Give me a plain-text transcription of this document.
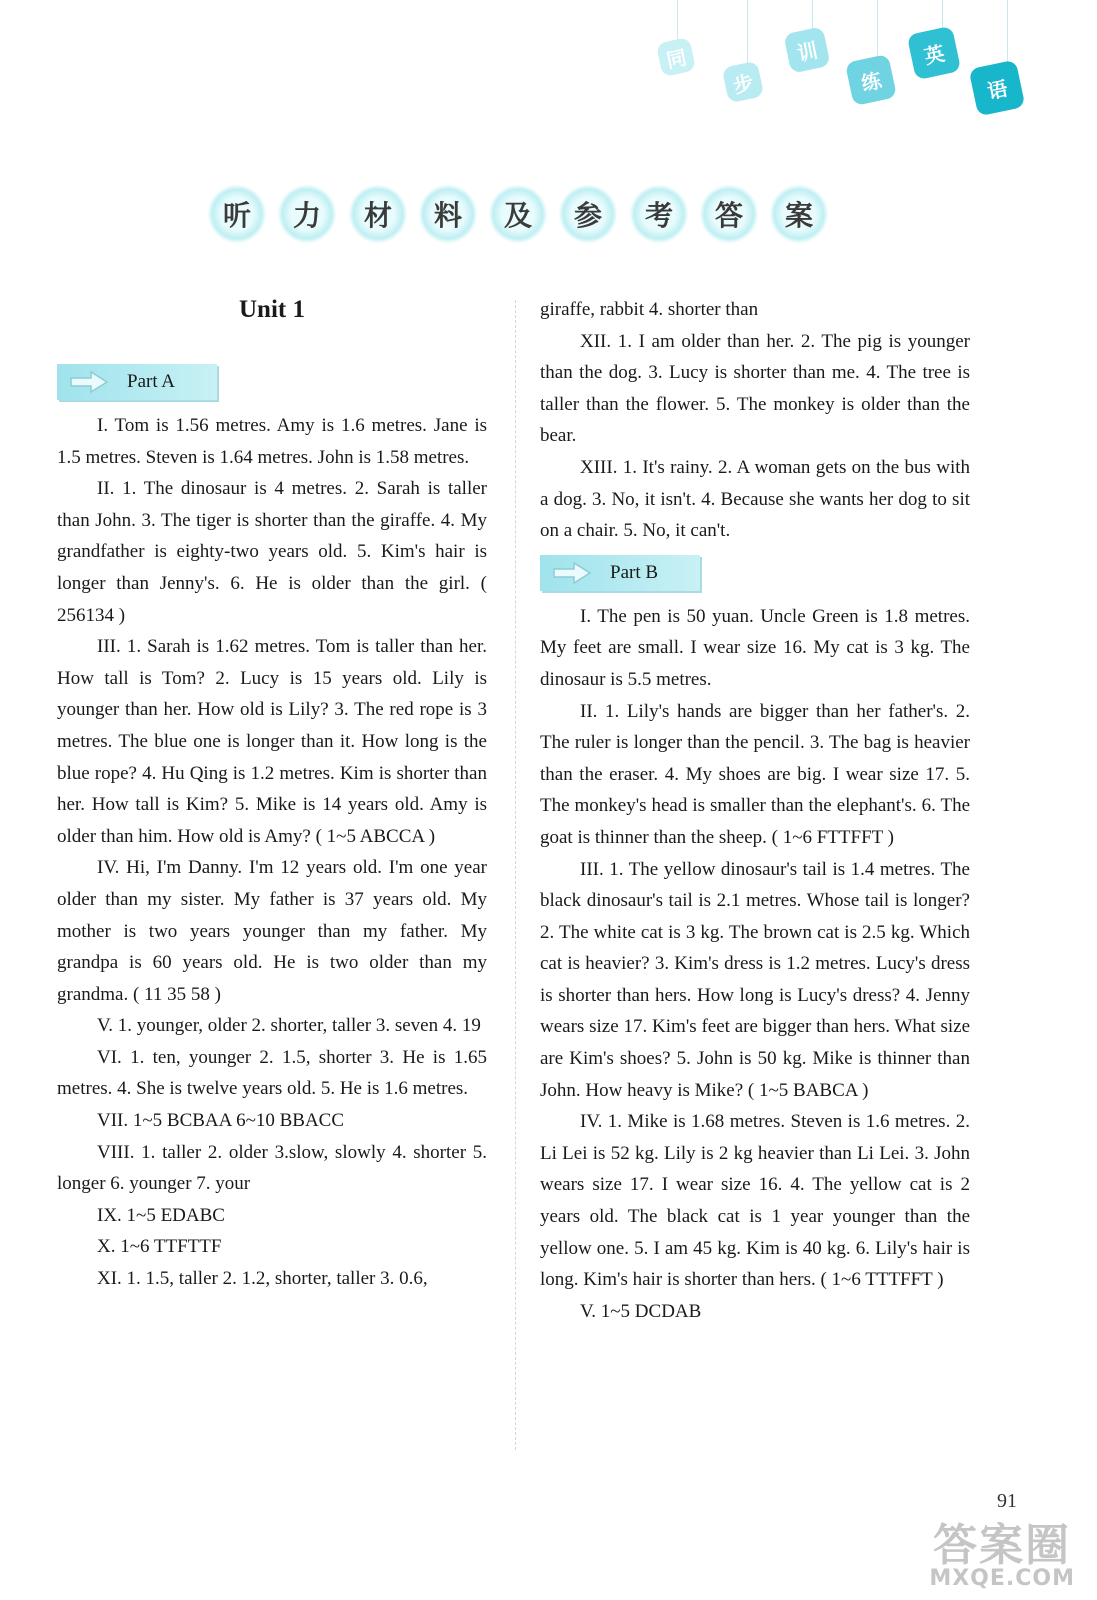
同
步
训
练
英
语
听 力 材 料 及 参 考 答 案
Unit 1
Part A

I. Tom is 1.56 metres. Amy is 1.6 metres. Jane is 1.5 metres. Steven is 1.64 metres. John is 1.58 metres.

II. 1. The dinosaur is 4 metres. 2. Sarah is taller than John. 3. The tiger is shorter than the giraffe. 4. My grandfather is eighty-two years old. 5. Kim's hair is longer than Jenny's. 6. He is older than the girl. ( 256134 )

III. 1. Sarah is 1.62 metres. Tom is taller than her. How tall is Tom? 2. Lucy is 15 years old. Lily is younger than her. How old is Lily? 3. The red rope is 3 metres. The blue one is longer than it. How long is the blue rope? 4. Hu Qing is 1.2 metres. Kim is shorter than her. How tall is Kim? 5. Mike is 14 years old. Amy is older than him. How old is Amy? ( 1~5 ABCCA )

IV. Hi, I'm Danny. I'm 12 years old. I'm one year older than my sister. My father is 37 years old. My mother is two years younger than my father. My grandpa is 60 years old. He is two older than my grandma. ( 11 35 58 )

V. 1. younger, older 2. shorter, taller 3. seven 4. 19

VI. 1. ten, younger 2. 1.5, shorter 3. He is 1.65 metres. 4. She is twelve years old. 5. He is 1.6 metres.

VII. 1~5 BCBAA 6~10 BBACC

VIII. 1. taller 2. older 3.slow, slowly 4. shorter 5. longer 6. younger 7. your

IX. 1~5 EDABC

X. 1~6 TTFTTF

XI. 1. 1.5, taller 2. 1.2, shorter, taller 3. 0.6,

giraffe, rabbit 4. shorter than

XII. 1. I am older than her. 2. The pig is younger than the dog. 3. Lucy is shorter than me. 4. The tree is taller than the flower. 5. The monkey is older than the bear.

XIII. 1. It's rainy. 2. A woman gets on the bus with a dog. 3. No, it isn't. 4. Because she wants her dog to sit on a chair. 5. No, it can't.

Part B

I. The pen is 50 yuan. Uncle Green is 1.8 metres. My feet are small. I wear size 16. My cat is 3 kg. The dinosaur is 5.5 metres.

II. 1. Lily's hands are bigger than her father's. 2. The ruler is longer than the pencil. 3. The bag is heavier than the eraser. 4. My shoes are big. I wear size 17. 5. The monkey's head is smaller than the elephant's. 6. The goat is thinner than the sheep. ( 1~6 FTTFFT )

III. 1. The yellow dinosaur's tail is 1.4 metres. The black dinosaur's tail is 2.1 metres. Whose tail is longer? 2. The white cat is 3 kg. The brown cat is 2.5 kg. Which cat is heavier? 3. Kim's dress is 1.2 metres. Lucy's dress is shorter than hers. How long is Lucy's dress? 4. Jenny wears size 17. Kim's feet are bigger than hers. What size are Kim's shoes? 5. John is 50 kg. Mike is thinner than John. How heavy is Mike? ( 1~5 BABCA )

IV. 1. Mike is 1.68 metres. Steven is 1.6 metres. 2. Li Lei is 52 kg. Lily is 2 kg heavier than Li Lei. 3. John wears size 17. I wear size 16. 4. The yellow cat is 2 years old. The black cat is 1 year younger than the yellow one. 5. I am 45 kg. Kim is 40 kg. 6. Lily's hair is long. Kim's hair is shorter than hers. ( 1~6 TTTFFT )

V. 1~5 DCDAB

91
答案圈
MXQE.COM
